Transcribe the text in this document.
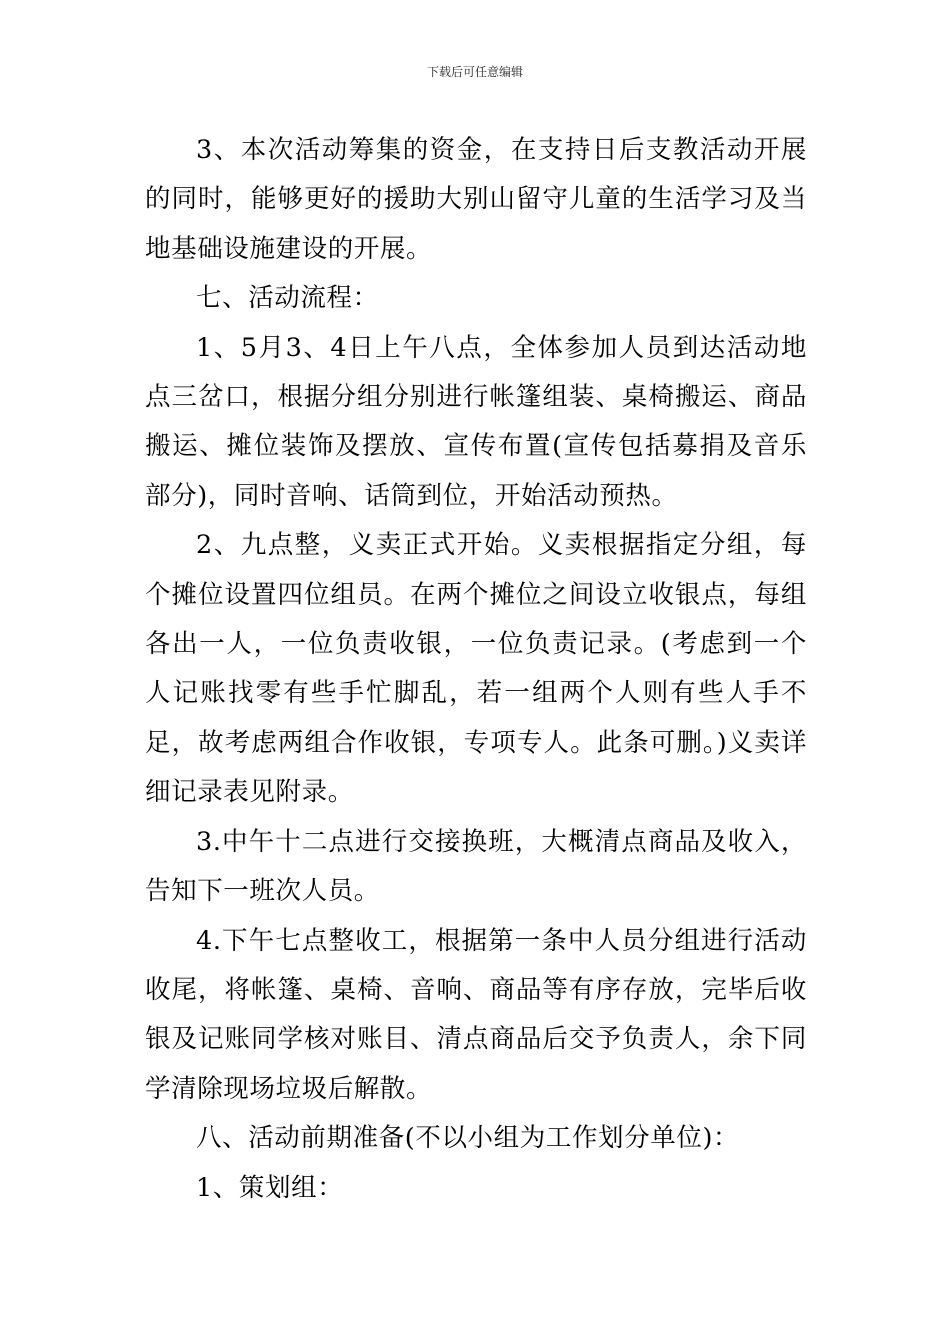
下载后可任意编辑

3、本次活动筹集的资金，在支持日后支教活动开展的同时，能够更好的援助大别山留守儿童的生活学习及当地基础设施建设的开展。

七、活动流程：

1、5月3、4日上午八点，全体参加人员到达活动地点三岔口，根据分组分别进行帐篷组装、桌椅搬运、商品搬运、摊位装饰及摆放、宣传布置(宣传包括募捐及音乐部分)，同时音响、话筒到位，开始活动预热。

2、九点整，义卖正式开始。义卖根据指定分组，每个摊位设置四位组员。在两个摊位之间设立收银点，每组各出一人，一位负责收银，一位负责记录。(考虑到一个人记账找零有些手忙脚乱，若一组两个人则有些人手不足，故考虑两组合作收银，专项专人。此条可删。)义卖详细记录表见附录。

3.中午十二点进行交接换班，大概清点商品及收入，告知下一班次人员。

4.下午七点整收工，根据第一条中人员分组进行活动收尾，将帐篷、桌椅、音响、商品等有序存放，完毕后收银及记账同学核对账目、清点商品后交予负责人，余下同学清除现场垃圾后解散。

八、活动前期准备(不以小组为工作划分单位)：

1、策划组：
